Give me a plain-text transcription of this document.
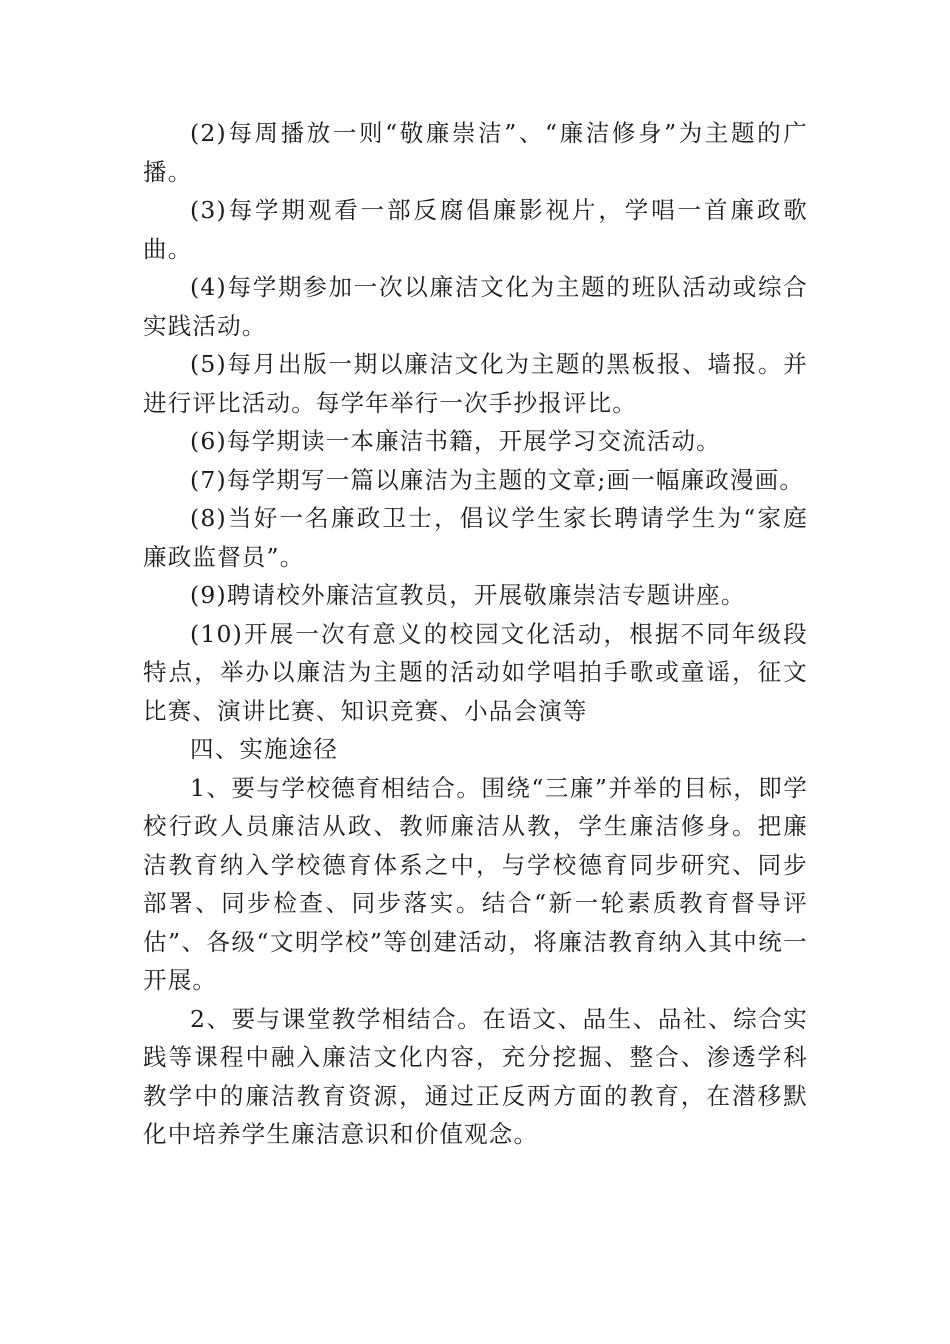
(2)每周播放一则“敬廉崇洁”、“廉洁修身”为主题的广播。

(3)每学期观看一部反腐倡廉影视片，学唱一首廉政歌曲。

(4)每学期参加一次以廉洁文化为主题的班队活动或综合实践活动。

(5)每月出版一期以廉洁文化为主题的黑板报、墙报。并进行评比活动。每学年举行一次手抄报评比。

(6)每学期读一本廉洁书籍，开展学习交流活动。

(7)每学期写一篇以廉洁为主题的文章;画一幅廉政漫画。

(8)当好一名廉政卫士，倡议学生家长聘请学生为“家庭廉政监督员”。

(9)聘请校外廉洁宣教员，开展敬廉崇洁专题讲座。

(10)开展一次有意义的校园文化活动，根据不同年级段特点，举办以廉洁为主题的活动如学唱拍手歌或童谣，征文比赛、演讲比赛、知识竞赛、小品会演等

四、实施途径

1、要与学校德育相结合。围绕“三廉”并举的目标，即学校行政人员廉洁从政、教师廉洁从教，学生廉洁修身。把廉洁教育纳入学校德育体系之中，与学校德育同步研究、同步部署、同步检查、同步落实。结合“新一轮素质教育督导评估”、各级“文明学校”等创建活动，将廉洁教育纳入其中统一开展。

2、要与课堂教学相结合。在语文、品生、品社、综合实践等课程中融入廉洁文化内容，充分挖掘、整合、渗透学科教学中的廉洁教育资源，通过正反两方面的教育，在潜移默化中培养学生廉洁意识和价值观念。
